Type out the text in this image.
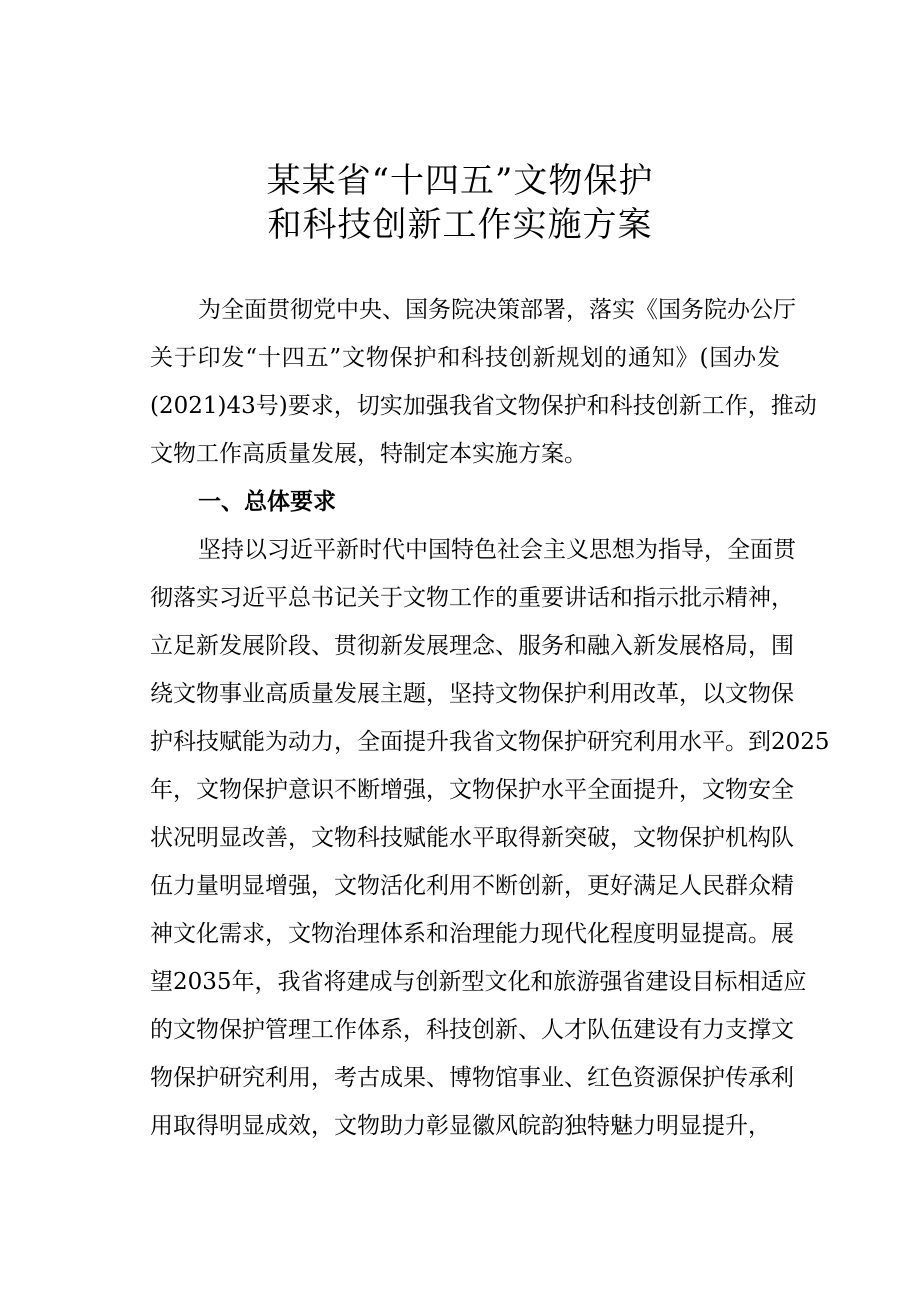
某某省“十四五”文物保护
和科技创新工作实施方案
为全面贯彻党中央、国务院决策部署，落实《国务院办公厅
关于印发“十四五”文物保护和科技创新规划的通知》(国办发
(2021)43号)要求，切实加强我省文物保护和科技创新工作，推动
文物工作高质量发展，特制定本实施方案。
一、总体要求
坚持以习近平新时代中国特色社会主义思想为指导，全面贯
彻落实习近平总书记关于文物工作的重要讲话和指示批示精神，
立足新发展阶段、贯彻新发展理念、服务和融入新发展格局，围
绕文物事业高质量发展主题，坚持文物保护利用改革，以文物保
护科技赋能为动力，全面提升我省文物保护研究利用水平。到2025
年，文物保护意识不断增强，文物保护水平全面提升，文物安全
状况明显改善，文物科技赋能水平取得新突破，文物保护机构队
伍力量明显增强，文物活化利用不断创新，更好满足人民群众精
神文化需求，文物治理体系和治理能力现代化程度明显提高。展
望2035年，我省将建成与创新型文化和旅游强省建设目标相适应
的文物保护管理工作体系，科技创新、人才队伍建设有力支撑文
物保护研究利用，考古成果、博物馆事业、红色资源保护传承利
用取得明显成效，文物助力彰显徽风皖韵独特魅力明显提升，
